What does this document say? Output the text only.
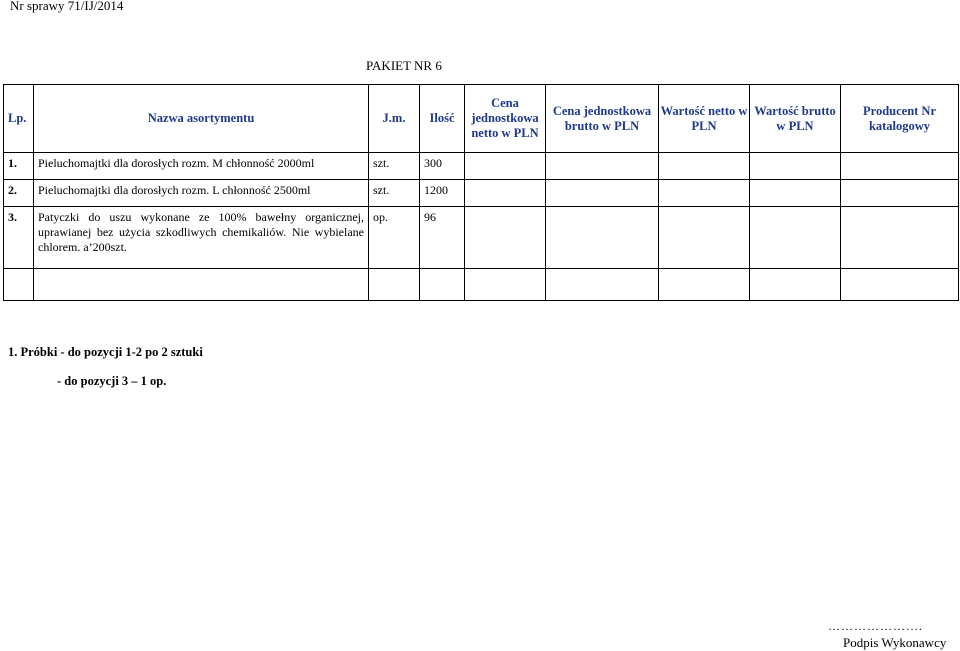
Nr sprawy 71/IJ/2014
PAKIET NR 6
Lp.	Nazwa asortymentu	J.m.	Ilość	Cena jednostkowa netto w PLN	Cena jednostkowa brutto w PLN	Wartość netto w PLN	Wartość brutto w PLN	Producent Nr katalogowy
1.	Pieluchomajtki dla dorosłych rozm. M chłonność 2000ml	szt.	300					
2.	Pieluchomajtki dla dorosłych rozm. L chłonność 2500ml	szt.	1200					
3.	Patyczki do uszu wykonane ze 100% bawełny organicznej, uprawianej bez użycia szkodliwych chemikaliów. Nie wybielane chlorem. a’200szt.	op.	96					

1. Próbki - do pozycji 1-2 po 2 sztuki
- do pozycji 3 – 1 op.
………………….
Podpis Wykonawcy
